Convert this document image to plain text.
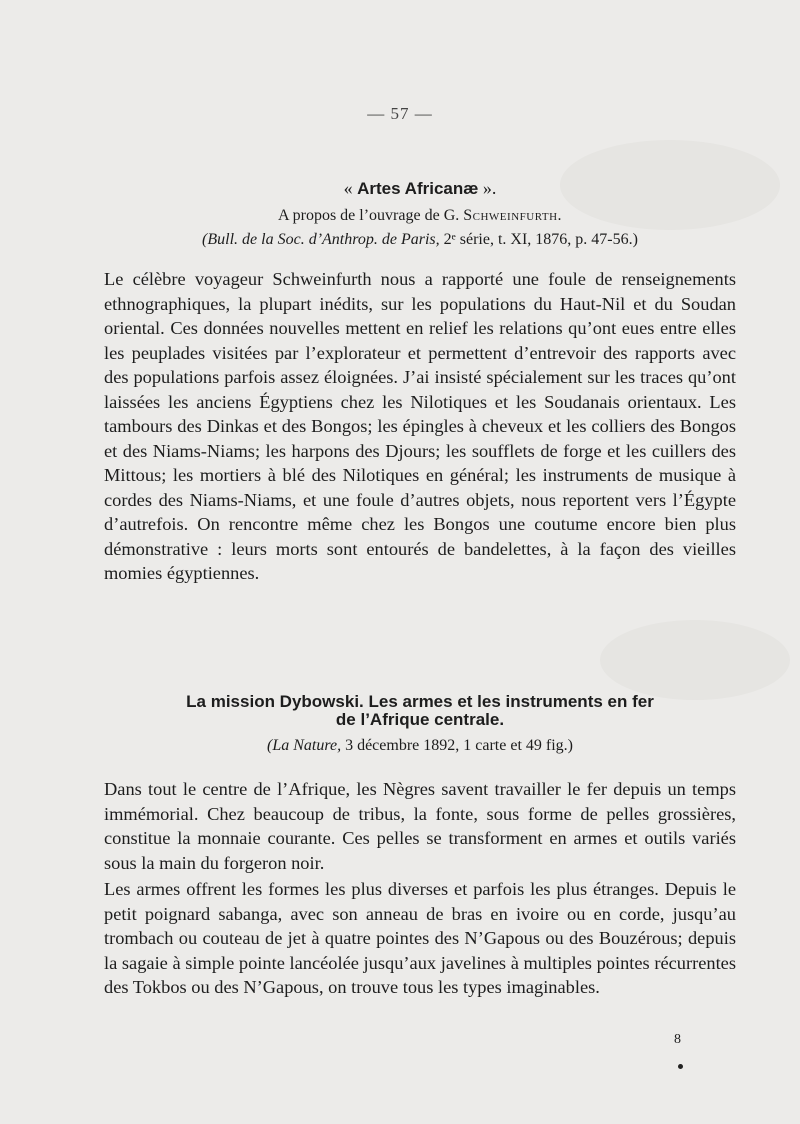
— 57 —

« Artes Africanæ ».

A propos de l’ouvrage de G. Schweinfurth.

(Bull. de la Soc. d’Anthrop. de Paris, 2ᵉ série, t. XI, 1876, p. 47-56.)

Le célèbre voyageur Schweinfurth nous a rapporté une foule de renseignements ethnographiques, la plupart inédits, sur les populations du Haut-Nil et du Soudan oriental. Ces données nouvelles mettent en relief les relations qu’ont eues entre elles les peuplades visitées par l’explorateur et permettent d’entrevoir des rapports avec des populations parfois assez éloignées. J’ai insisté spécialement sur les traces qu’ont laissées les anciens Égyptiens chez les Nilotiques et les Soudanais orientaux. Les tambours des Dinkas et des Bongos; les épingles à cheveux et les colliers des Bongos et des Niams-Niams; les harpons des Djours; les soufflets de forge et les cuillers des Mittous; les mortiers à blé des Nilotiques en général; les instruments de musique à cordes des Niams-Niams, et une foule d’autres objets, nous reportent vers l’Égypte d’autrefois. On rencontre même chez les Bongos une coutume encore bien plus démonstrative : leurs morts sont entourés de bandelettes, à la façon des vieilles momies égyptiennes.

La mission Dybowski. Les armes et les instruments en fer
de l’Afrique centrale.

(La Nature, 3 décembre 1892, 1 carte et 49 fig.)

Dans tout le centre de l’Afrique, les Nègres savent travailler le fer depuis un temps immémorial. Chez beaucoup de tribus, la fonte, sous forme de pelles grossières, constitue la monnaie courante. Ces pelles se transforment en armes et outils variés sous la main du forgeron noir.

Les armes offrent les formes les plus diverses et parfois les plus étranges. Depuis le petit poignard sabanga, avec son anneau de bras en ivoire ou en corde, jusqu’au trombach ou couteau de jet à quatre pointes des N’Gapous ou des Bouzérous; depuis la sagaie à simple pointe lancéolée jusqu’aux javelines à multiples pointes récurrentes des Tokbos ou des N’Gapous, on trouve tous les types imaginables.

8
